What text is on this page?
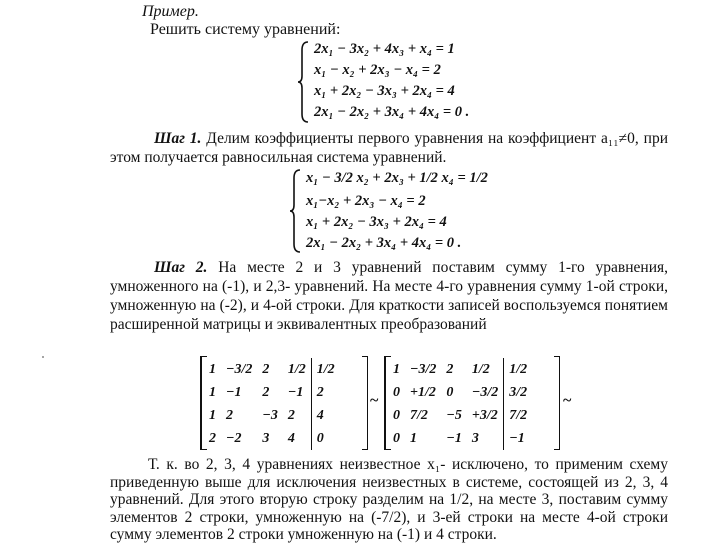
Пример.
Решить систему уравнений:
2x₁ − 3x₂ + 4x₃ + x₄ = 1
x₁ − x₂ + 2x₃ − x₄ = 2
x₁ + 2x₂ − 3x₃ + 2x₄ = 4
2x₁ − 2x₂ + 3x₄ + 4x₄ = 0 .
Шаг 1. Делим коэффициенты первого уравнения на коэффициент a₁₁≠0, при этом получается равносильная система уравнений.
x₁ − 3/2 x₂ + 2x₃ + 1/2 x₄ = 1/2
x₁−x₂ + 2x₃ − x₄ = 2
x₁ + 2x₂ − 3x₃ + 2x₄ = 4
2x₁ − 2x₂ + 3x₄ + 4x₄ = 0 .
Шаг 2. На месте 2 и 3 уравнений поставим сумму 1-го уравнения, умноженного на (-1), и 2,3- уравнений. На месте 4-го уравнения сумму 1-ой строки, умноженную на (-2), и 4-ой строки. Для краткости записей воспользуемся понятием расширенной матрицы и эквивалентных преобразований
1	−3/2	2	1/2	1/2
1	−1	2	−1	2
1	2	−3	2	4
2	−2	3	4	0
~
1	−3/2	2	1/2	1/2
0	+1/2	0	−3/2	3/2
0	7/2	−5	+3/2	7/2
0	1	−1	3	−1
~
Т. к. во 2, 3, 4 уравнениях неизвестное x₁- исключено, то применим схему приведенную выше для исключения неизвестных в системе, состоящей из 2, 3, 4 уравнений. Для этого вторую строку разделим на 1/2, на месте 3, поставим сумму элементов 2 строки, умноженную на (-7/2), и 3-ей строки на месте 4-ой строки сумму элементов 2 строки умноженную на (-1) и 4 строки.
